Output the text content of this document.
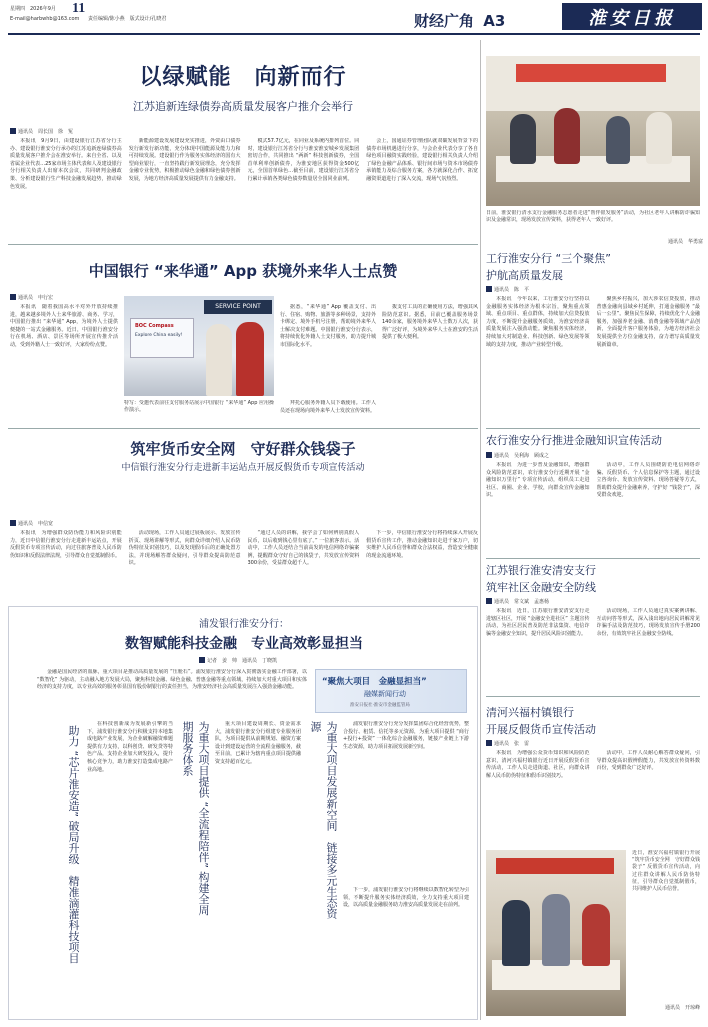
星期四　2026年9月 11
E-mail@harbwhb@163.com 责任编辑/陈小燕　版式设计/孔晓君	财经广角 A3	淮安日报
以绿赋能　向新而行
江苏追新连绿债券高质量发展客户推介会举行
通讯员　周长国　徐　冤

本报讯　9月9日，由建设银行江苏省分行主办、建设银行淮安分行承办的江苏追新连绿债券高质量发展客户推介会在淮安举行。来自全省、以及省属企业代表…25家市场主体代表和人及建设银行分行相关负责人出席本次会议，共同研判金融政策、分析建设银行生产科技金融发展趋势，推动绿色发展。

新能源建设发展建设充实推进，外资由口债券发行新发行新功能，充分体现中国能源及能力力和可持续发展。建设银行作为服务实体经济的国有大型商业银行，一直坚持践行新发展理念，充分发挥金融专业优势，积极推动绿色金融和绿色债券创新发展，为地方经济高质量发展提供有力金融支持。

模式57.7亿元，在同业及系统内排列首位。同时，建设银行江苏省分行与淮安淮安城乡发展集团密切合作，共同推出 “两新” 科技创新债券，全国首单利率创新债券，为淮安地区获得资金500亿元，全国首单绿色…截至目前，建设银行江苏省分行累计承销各类绿色债券数量居全国同业前列。

会上，国通证券管理团队就双碳发展背景下的债券市场机遇进行分享，与会企业代表分享了各自绿色项目融资实践经验，建设银行相关负责人介绍了绿色金融产品体系、银行间市场与资本市场债券承销能力及综合服务方案，各方就深化合作、拓宽融资渠道进行了深入交流，现场气氛热烈。

日前，淮安银行清水支行金融服务志愿者走进“帮伴银发服务”活动，为社区老年人讲解防诈骗知识及金融常识，现场发放宣传资料，获得老年人一致好评。
通讯员　华勇富
工行淮安分行 “三个聚焦”
护航高质量发展
通讯员　陈　平

本报讯　今年以来，工行淮安分行坚持以金融服务实体经济为根本宗旨，聚焦重点领域、重点项目、重点群体，持续加大信贷投放力度，不断提升金融服务质效，为淮安经济高质量发展注入强劲动能。聚焦服务实体经济，持续加大对制造业、科技创新、绿色发展等领域的支持力度，推动产业转型升级。

聚焦乡村振兴，加大涉农信贷投放，推动普惠金融向县域乡村延伸，打通金融服务 “最后一公里”。聚焦民生保障，持续优化个人金融服务，加强养老金融、消费金融等领域产品创新，全面提升客户服务体验，为地方经济社会发展提供全方位金融支持，奋力谱写高质量发展新篇章。

中国银行 “来华通” App 获境外来华人士点赞
通讯员　申行宏

本报讯　随着我国高水平对外开放持续推进，越来越多境外人士来华旅游、商务、学习，中国银行推出 “来华通” App，为境外人士提供便捷的一站式金融服务。近日，中国银行淮安分行在机场、酒店、景区等场所开展宣传推介活动，受到外籍人士一致好评，大家纷纷点赞。

SERVICE POINT
BOC Compass
Explore China easily!
特写：受邀代表前往支付服务站展示中国银行 “来华通” App 应用操作演示。

拜托心服务外籍人员下载使用。工作人员还在现场向境外来华人士发放宣传资料。

据悉，“来华通” App 覆盖支付、出行、住宿、购物、旅游等多种场景，支持外卡绑定、境外手机号注册，帮助境外来华人士解决支付难题。中国银行淮安分行表示，将持续优化外籍人士支付服务，助力提升城市国际化水平。

拨支付工具的正确使用方法，增强其风险防范意识。据悉，目前已覆盖服务场景140余家，服务境外来华人士数万人次，获得广泛好评，为境外来华人士在淮安的生活提供了极大便利。

筑牢货币安全网　守好群众钱袋子
中信银行淮安分行走进新丰运站点开展反假货币专项宣传活动
通讯员　申信宽

本报讯　为增强群众防伪能力和风险识别能力，近日中信银行淮安分行走进新丰运站点，开展反假货币专项宣传活动，向过往旅客普及人民币防伪知识和反假法律法规，引导群众自觉抵制假币。

活动现场，工作人员通过展板展示、发放宣传折页、现场讲解等形式，向群众详细介绍人民币防伪特征及识别技巧，以及发现假币后的正确处置方法，并现场解答群众疑问，引导群众提高防范意识。

“通过人员的讲解，我学会了如何辨别真假人民币，以后收到钱心里有底了。” 一位旅客表示。活动中，工作人员还结合当前高发的电信网络诈骗案例，提醒群众守好自己的钱袋子，共发放宣传资料300余份，受益群众超千人。

下一步，中信银行淮安分行将持续深入开展反假货币宣传工作，推动金融知识走进千家万户，切实维护人民币信誉和群众合法权益，营造安全健康的现金流通环境。

农行淮安分行推进金融知识宣传活动
通讯员　吴利海　顾成之

本报讯　为进一步普及金融知识，增强群众风险防范意识，农行淮安分行近期开展 “金融知识万里行” 专项宣传活动，组织员工走进社区、商圈、企业、学校，向群众宣传金融知识。

活动中，工作人员围绕防范电信网络诈骗、反假货币、个人信息保护等主题，通过设立咨询台、发放宣传资料、现场答疑等方式，帮助群众提升金融素养，守护好 “钱袋子”，深受群众欢迎。

江苏银行淮安清安支行
筑牢社区金融安全防线
通讯员　常文斌　孟惠杨

本报讯　近日，江苏银行淮安清安支行走进辖区社区，开展 “金融安全进社区” 主题宣传活动，为社区居民普及防范非法集资、电信诈骗等金融安全知识，提升居民风险识别能力。

活动现场，工作人员通过真实案例讲解、互动问答等形式，深入浅出地向居民讲解常见诈骗手法及防范技巧，现场发放宣传手册200余份，有效筑牢社区金融安全防线。

浦发银行淮安分行：
数智赋能科技金融　专业高效彰显担当
记者　姜　帅　通讯员　丁晓凯

金融是国民经济的血脉，重大项目是推动高质量发展的 “压舱石”。浦发银行淮安分行深入贯彻落实金融工作部署，以 “数智化” 为驱动，主动融入地方发展大局，聚焦科技金融、绿色金融、普惠金融等重点领域，持续加大对重大项目和实体经济的支持力度，以专业高效的服务彰显国有股份制银行的责任担当，为淮安经济社会高质量发展注入强劲金融动能。

“聚焦大项目　金融显担当”
融媒新闻行动
淮安日报社·淮安市金融监管局
助力 “芯片淮安造” 破局升级　精准滴灌科技项目

在科技创新成为发展新引擎的当下，浦发银行淮安分行积极支持本地集成电路产业发展，为企业破解融资难题提供有力支持，以科创贷、研发贷等特色产品，支持企业加大研发投入，提升核心竞争力，助力淮安打造集成电路产业高地。	为重大项目提供 “全流程陪伴” 构建全周期服务体系	重大项目建设周期长、资金需求大，浦发银行淮安分行组建专业服务团队，为项目提供从前期规划、融资方案设计到建设运营的全流程金融服务，截至目前，已累计为辖内重点项目提供融资支持超百亿元。	为重大项目发展新空间　链接多元生态资源	浦发银行淮安分行充分发挥集团综合化经营优势，整合投行、租赁、信托等多元资源，为重大项目提供 “商行+投行+投资” 一体化综合金融服务，链接产业链上下游生态资源，助力项目拓展发展新空间。

下一步，浦发银行淮安分行将继续以数智化转型为引领，不断提升服务实体经济质效，全力支持重大项目建设，以高质量金融服务助力淮安高质量发展走在前列。

清河兴福村镇银行
开展反假货币宣传活动
通讯员　张　雷

本报讯　为增强公众货币知识和风险防范意识，清河兴福村镇银行近日开展反假货币宣传活动，工作人员走进街道、社区，向群众讲解人民币防伪特征和假币识别技巧。

活动中，工作人员耐心解答群众疑问，引导群众提高识假辨假能力，共发放宣传资料数百份，受到群众广泛好评。

近日，淮安兴福村镇银行开展 “筑牢货币安全网　守好群众钱袋子” 反假货币宣传活动，向过往群众讲解人民币防伪特征，引导群众自觉抵制假币，共同维护人民币信誉。
通讯员　开琼峰
